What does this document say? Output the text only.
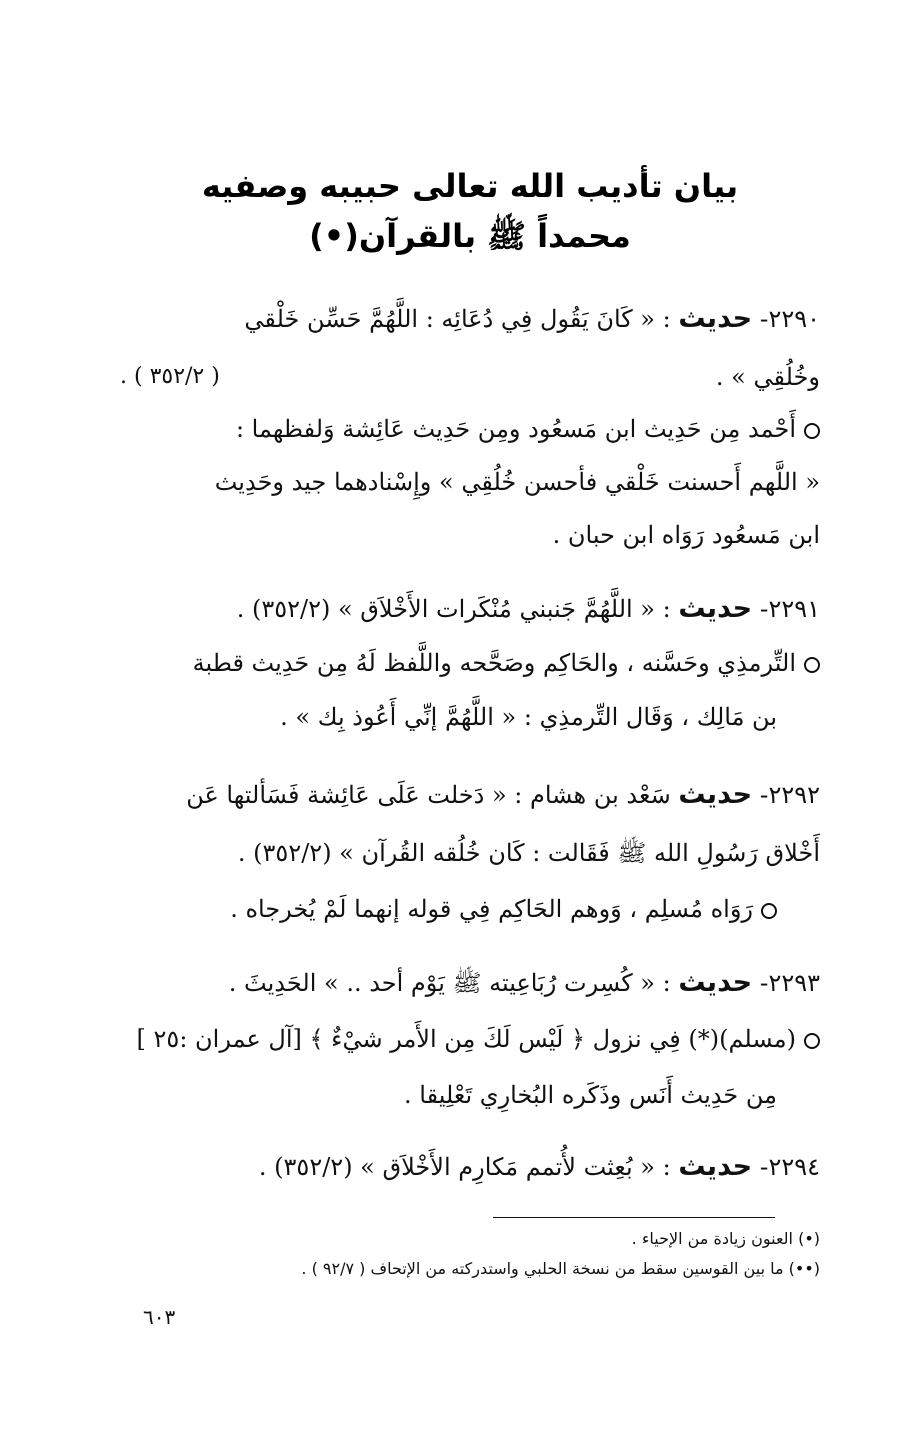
بيان تأديب الله تعالى حبيبه وصفيه
محمداً ﷺ بالقرآن(•)
٢٢٩٠- حديث : « كَانَ يَقُول فِي دُعَائِه : اللَّهُمَّ حَسِّن خَلْقي
وخُلُقِي » .
( ٣٥٢/٢ ) .
أَحْمد مِن حَدِيث ابن مَسعُود ومِن حَدِيث عَائِشة وَلفظهما :
« اللَّهم أَحسنت خَلْقي فأحسن خُلُقِي » وإِسْنادهما جيد وحَدِيث
ابن مَسعُود رَوَاه ابن حبان .
٢٢٩١- حديث : « اللَّهُمَّ جَنبني مُنْكَرات الأَخْلاَق » (٣٥٢/٢) .
التِّرمذِي وحَسَّنه ، والحَاكِم وصَحَّحه واللَّفظ لَهُ مِن حَدِيث قطبة
بن مَالِك ، وَقَال التِّرمذِي : « اللَّهُمَّ إنِّي أَعُوذ بِك » .
٢٢٩٢- حديث سَعْد بن هشام : « دَخلت عَلَى عَائِشة فَسَألتها عَن
أَخْلاق رَسُولِ الله ﷺ فَقَالت : كَان خُلُقه القُرآن » (٣٥٢/٢) .
رَوَاه مُسلِم ، وَوهم الحَاكِم فِي قوله إنهما لَمْ يُخرجاه .
٢٢٩٣- حديث : « كُسِرت رُبَاعِيته ﷺ يَوْم أحد .. » الحَدِيثَ .
(مسلم)(*) فِي نزول ﴿ لَيْس لَكَ مِن الأَمر شيْءٌ ﴾ [آل عمران :٢٥ ]
مِن حَدِيث أَنَس وذَكَره البُخارِي تَعْلِيقا .
٢٢٩٤- حديث : « بُعِثت لأُتمم مَكارِم الأَخْلاَق » (٣٥٢/٢) .
(•) العنون زيادة من الإحياء .
(••) ما بين القوسين سقط من نسخة الحلبي واستدركته من الإتحاف ( ٩٢/٧ ) .
٦٠٣
